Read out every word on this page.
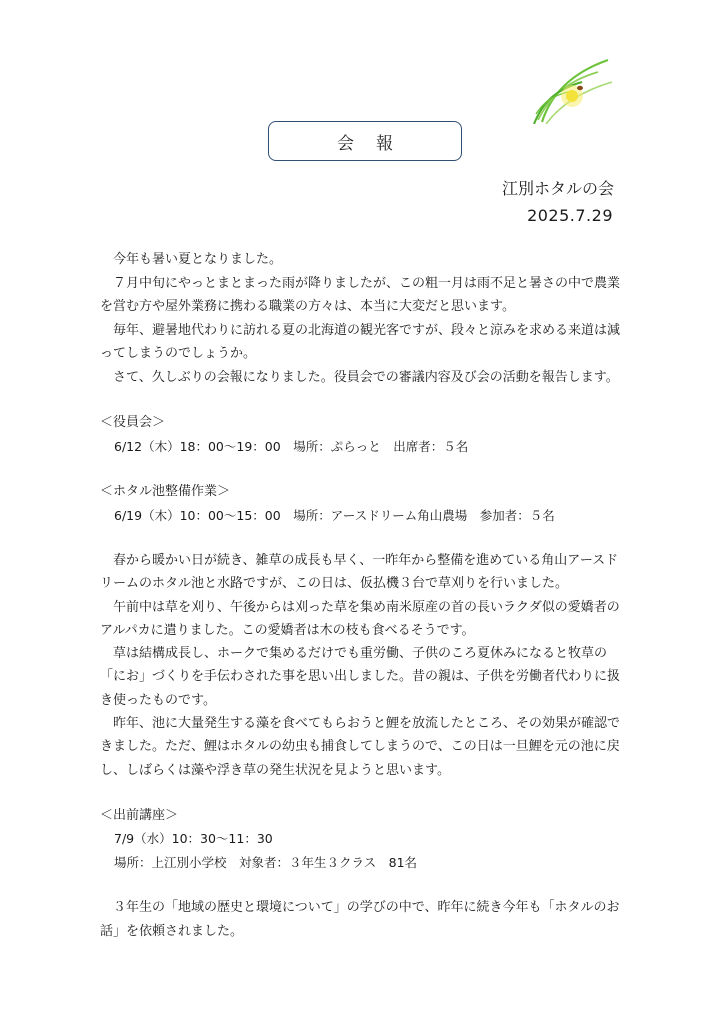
会報
江別ホタルの会
2025.7.29

今年も暑い夏となりました。

７月中旬にやっとまとまった雨が降りましたが、この粗一月は雨不足と暑さの中で農業を営む方や屋外業務に携わる職業の方々は、本当に大変だと思います。

毎年、避暑地代わりに訪れる夏の北海道の観光客ですが、段々と涼みを求める来道は減ってしまうのでしょうか。

さて、久しぶりの会報になりました。役員会での審議内容及び会の活動を報告します。

＜役員会＞

6/12（木）18：00〜19：00　場所：ぷらっと　出席者：５名

＜ホタル池整備作業＞

6/19（木）10：00〜15：00　場所：アースドリーム角山農場　参加者：５名

春から暖かい日が続き、雑草の成長も早く、一昨年から整備を進めている角山アースドリームのホタル池と水路ですが、この日は、仮払機３台で草刈りを行いました。

午前中は草を刈り、午後からは刈った草を集め南米原産の首の長いラクダ似の愛嬌者のアルパカに遣りました。この愛嬌者は木の枝も食べるそうです。

草は結構成長し、ホークで集めるだけでも重労働、子供のころ夏休みになると牧草の「にお」づくりを手伝わされた事を思い出しました。昔の親は、子供を労働者代わりに扱き使ったものです。

昨年、池に大量発生する藻を食べてもらおうと鯉を放流したところ、その効果が確認できました。ただ、鯉はホタルの幼虫も捕食してしまうので、この日は一旦鯉を元の池に戻し、しばらくは藻や浮き草の発生状況を見ようと思います。

＜出前講座＞

7/9（水）10：30〜11：30

場所：上江別小学校　対象者：３年生３クラス　81名

３年生の「地域の歴史と環境について」の学びの中で、昨年に続き今年も「ホタルのお話」を依頼されました。
